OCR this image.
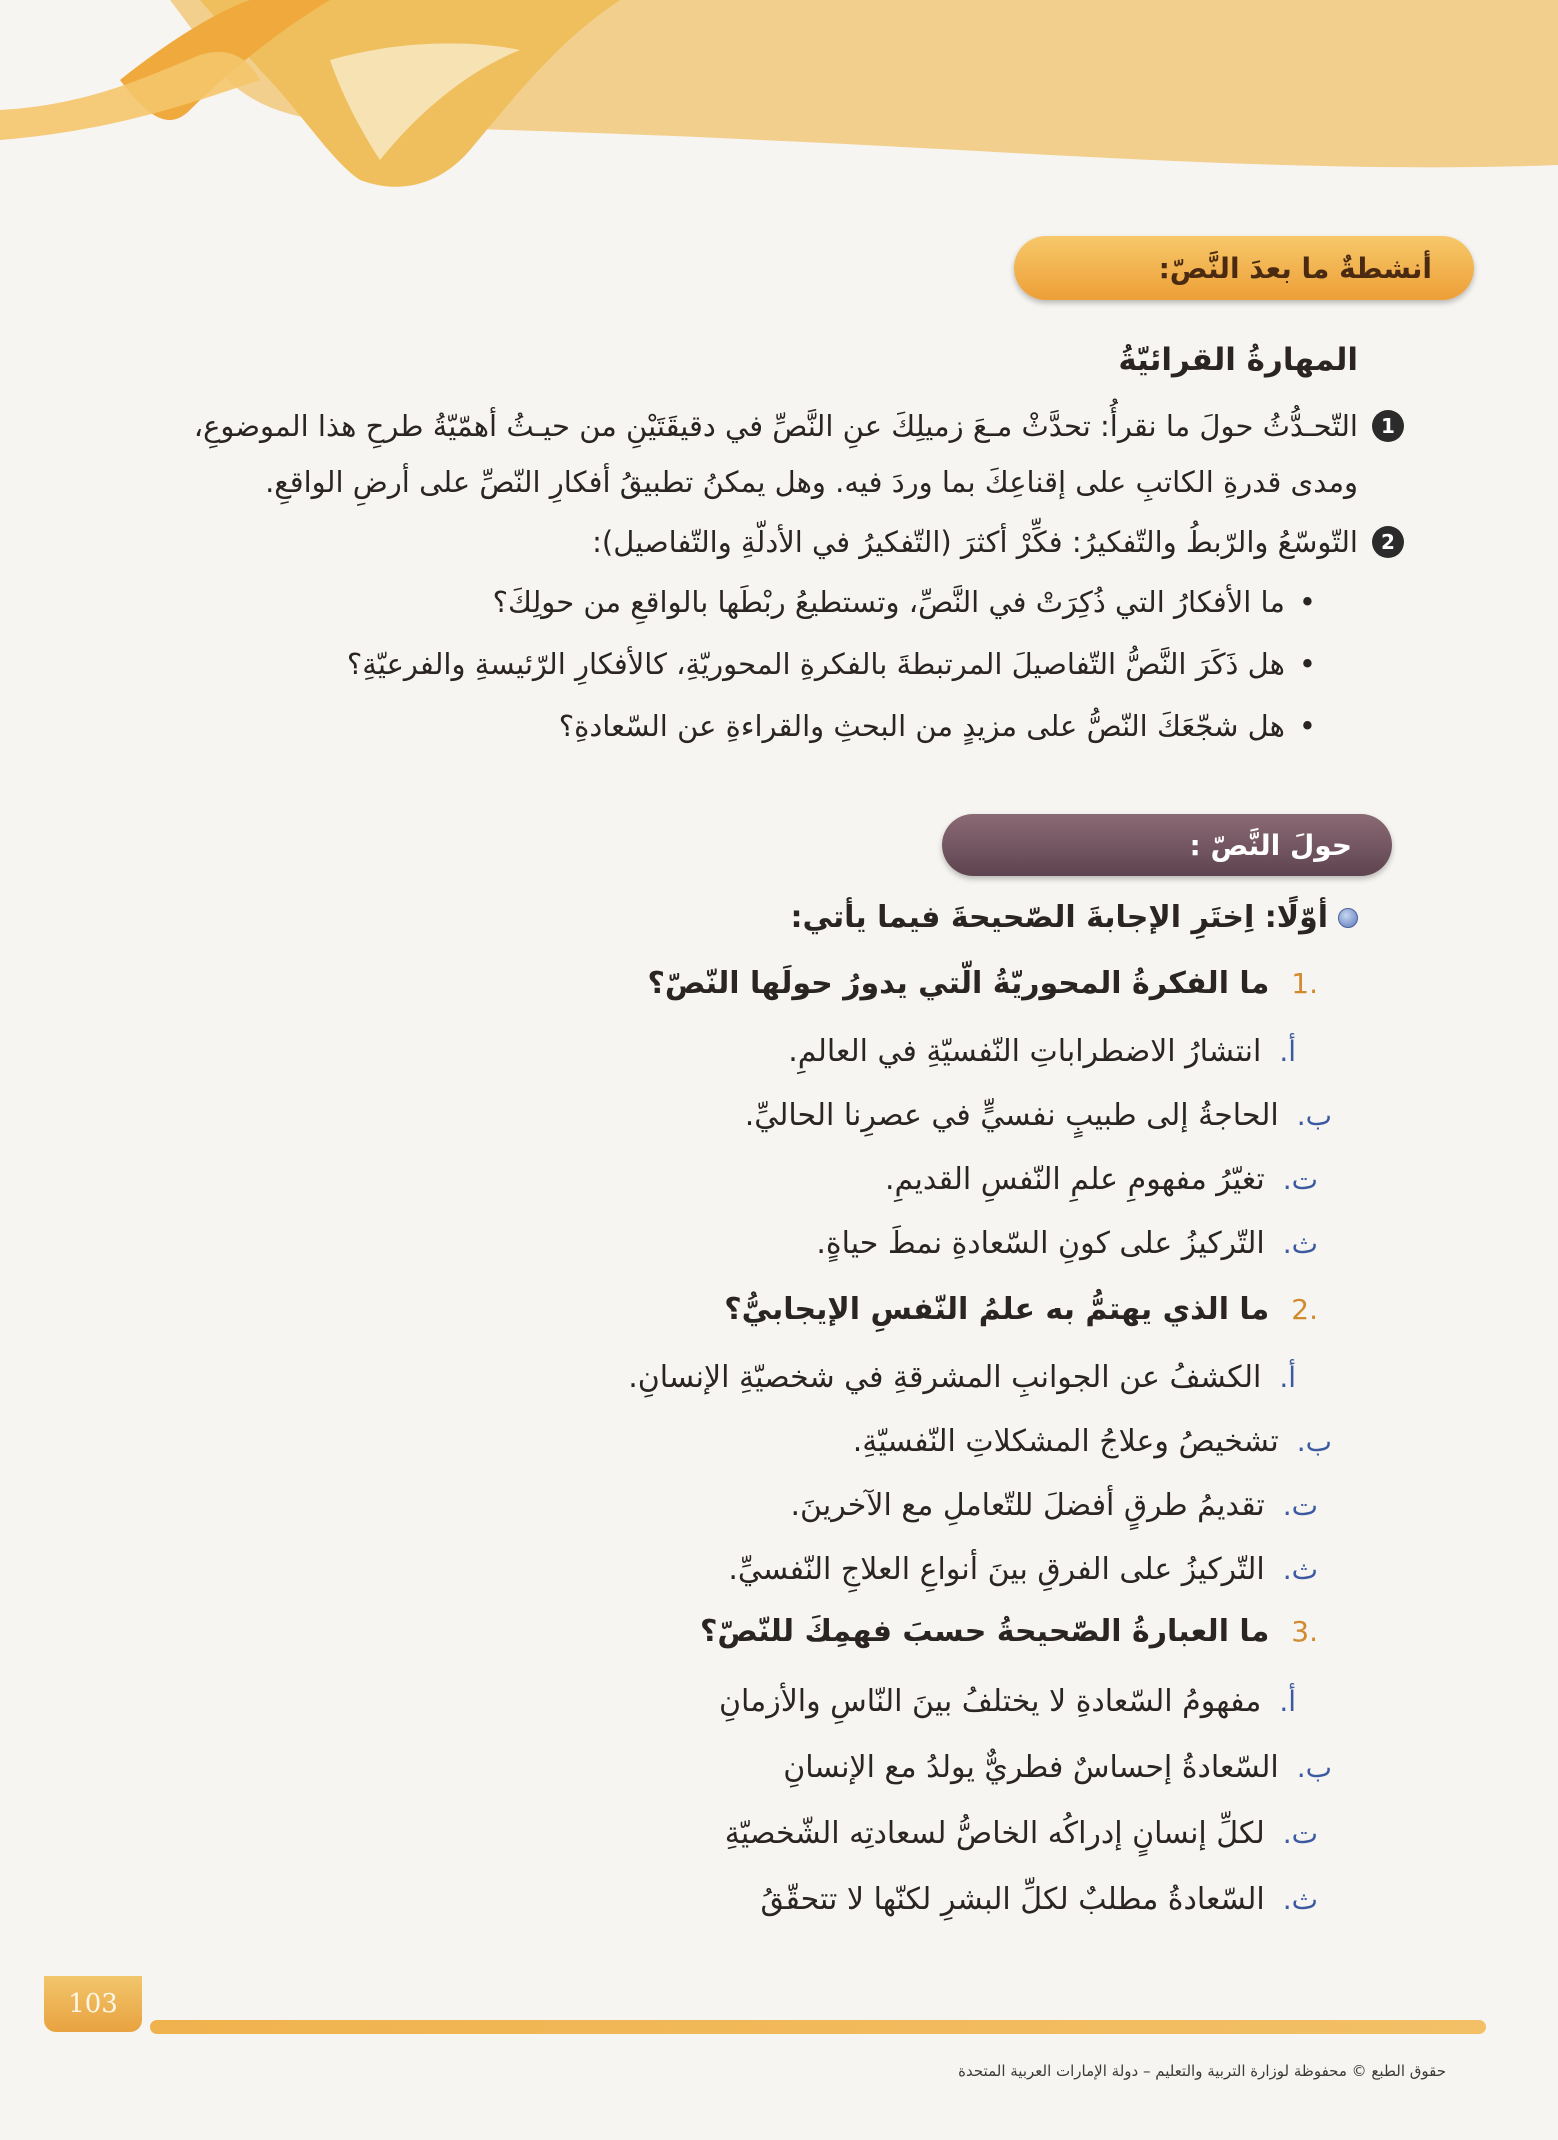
أنشطةٌ ما بعدَ النَّصّ:
المهارةُ القرائيّةُ
1
التّحـدُّثُ حولَ ما نقرأُ: تحدَّثْ مـعَ زميلِكَ عنِ النَّصِّ في دقيقَتَيْنِ من حيـثُ أهمّيّةُ طرحِ هذا الموضوعِ،
ومدى قدرةِ الكاتبِ على إقناعِكَ بما وردَ فيه. وهل يمكنُ تطبيقُ أفكارِ النّصِّ على أرضِ الواقعِ.
2
التّوسّعُ والرّبطُ والتّفكيرُ: فكِّرْ أكثرَ (التّفكيرُ في الأدلّةِ والتّفاصيل):
• ما الأفكارُ التي ذُكِرَتْ في النَّصِّ، وتستطيعُ ربْطَها بالواقعِ من حولِكَ؟
• هل ذَكَرَ النَّصُّ التّفاصيلَ المرتبطةَ بالفكرةِ المحوريّةِ، كالأفكارِ الرّئيسةِ والفرعيّةِ؟
• هل شجّعَكَ النّصُّ على مزيدٍ من البحثِ والقراءةِ عن السّعادةِ؟
حولَ النَّصّ :
أوّلًا: اِختَرِ الإجابةَ الصّحيحةَ فيما يأتي:
.1
ما الفكرةُ المحوريّةُ الّتي يدورُ حولَها النّصّ؟
أ.
انتشارُ الاضطراباتِ النّفسيّةِ في العالمِ.
ب.
الحاجةُ إلى طبيبٍ نفسيٍّ في عصرِنا الحاليِّ.
ت.
تغيّرُ مفهومِ علمِ النّفسِ القديمِ.
ث.
التّركيزُ على كونِ السّعادةِ نمطَ حياةٍ.
.2
ما الذي يهتمُّ به علمُ النّفسِ الإيجابيُّ؟
أ.
الكشفُ عن الجوانبِ المشرقةِ في شخصيّةِ الإنسانِ.
ب.
تشخيصُ وعلاجُ المشكلاتِ النّفسيّةِ.
ت.
تقديمُ طرقٍ أفضلَ للتّعاملِ مع الآخرينَ.
ث.
التّركيزُ على الفرقِ بينَ أنواعِ العلاجِ النّفسيِّ.
.3
ما العبارةُ الصّحيحةُ حسبَ فهمِكَ للنّصّ؟
أ.
مفهومُ السّعادةِ لا يختلفُ بينَ النّاسِ والأزمانِ
ب.
السّعادةُ إحساسٌ فطريٌّ يولدُ مع الإنسانِ
ت.
لكلِّ إنسانٍ إدراكُه الخاصُّ لسعادتِه الشّخصيّةِ
ث.
السّعادةُ مطلبٌ لكلِّ البشرِ لكنّها لا تتحقّقُ
103
حقوق الطبع © محفوظة لوزارة التربية والتعليم – دولة الإمارات العربية المتحدة
